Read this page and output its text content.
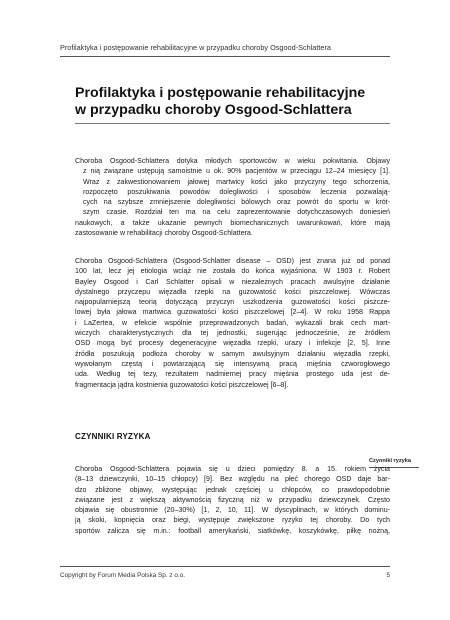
Profilaktyka i postępowanie rehabilitacyjne w przypadku choroby Osgood-Schlattera
Profilaktyka i postępowanie rehabilitacyjne
w przypadku choroby Osgood-Schlattera
Choroba Osgood-Schlattera dotyka młodych sportowców w wieku pokwitania. Objawy
z nią związane ustępują samoistnie u ok. 90% pacjentów w przeciągu 12–24 miesięcy [1].
Wraz z zakwestionowaniem jałowej martwicy kości jako przyczyny tego schorzenia,
rozpoczęto poszukiwania powodów dolegliwości i sposobów leczenia pozwalają-
cych na szybsze zmniejszenie dolegliwości bólowych oraz powrót do sportu w krót-
szym czasie. Rozdział ten ma na celu zaprezentowanie dotychczasowych doniesień
naukowych, a także ukazanie pewnych biomechanicznych uwarunkowań, które mają
zastosowanie w rehabilitacji choroby Osgood-Schlattera.
Choroba Osgood-Schlattera (Osgood-Schlatter disease – OSD) jest znana już od ponad
100 lat, lecz jej etiologia wciąż nie została do końca wyjaśniona. W 1903 r. Robert
Bayley Osgood i Carl Schlatter opisali w niezależnych pracach awulsyjne działanie
dystalnego przyczepu więzadła rzepki na guzowatość kości piszczelowej. Wówczas
najpopularniejszą teorią dotyczącą przyczyn uszkodzenia guzowatości kości piszcze-
lowej była jałowa martwica guzowatości kości piszczelowej [2–4]. W roku 1958 Rappa
i LaZertea, w efekcie wspólnie przeprowadzonych badań, wykazali brak cech mart-
wiczych charakterystycznych dla tej jednostki, sugerując jednocześnie, że źródłem
OSD mogą być procesy degeneracyjne więzadła rzepki, urazy i infekcje [2, 5]. Inne
źródła poszukują podłoża choroby w samym awulsyjnym działaniu więzadła rzepki,
wywołanym częstą i powtarzającą się intensywną pracą mięśnia czworogłowego
uda. Według tej tezy, rezultatem nadmiernej pracy mięśnia prostego uda jest de-
fragmentacja jądra kostnienia guzowatości kości piszczelowej [6–8].
CZYNNIKI RYZYKA
Czynniki ryzyka
Choroba Osgood-Schlattera pojawia się u dzieci pomiędzy 8. a 15. rokiem życia
(8–13 dziewczynki, 10–15 chłopcy) [9]. Bez względu na płeć chorego OSD daje bar-
dzo zbliżone objawy, występując jednak częściej u chłopców, co prawdopodobnie
związane jest z większą aktywnością fizyczną niż w przypadku dziewczynek. Często
objawia się obustronnie (20–30%) [1, 2, 10, 11]. W dyscyplinach, w których dominu-
ją skoki, kopnięcia oraz biegi, występuje zwiększone ryzyko tej choroby. Do tych
sportów zalicza się m.in.: football amerykański, siatkówkę, koszykówkę, piłkę nożną,
Copyright by Forum Media Polska Sp. z o.o.	5
